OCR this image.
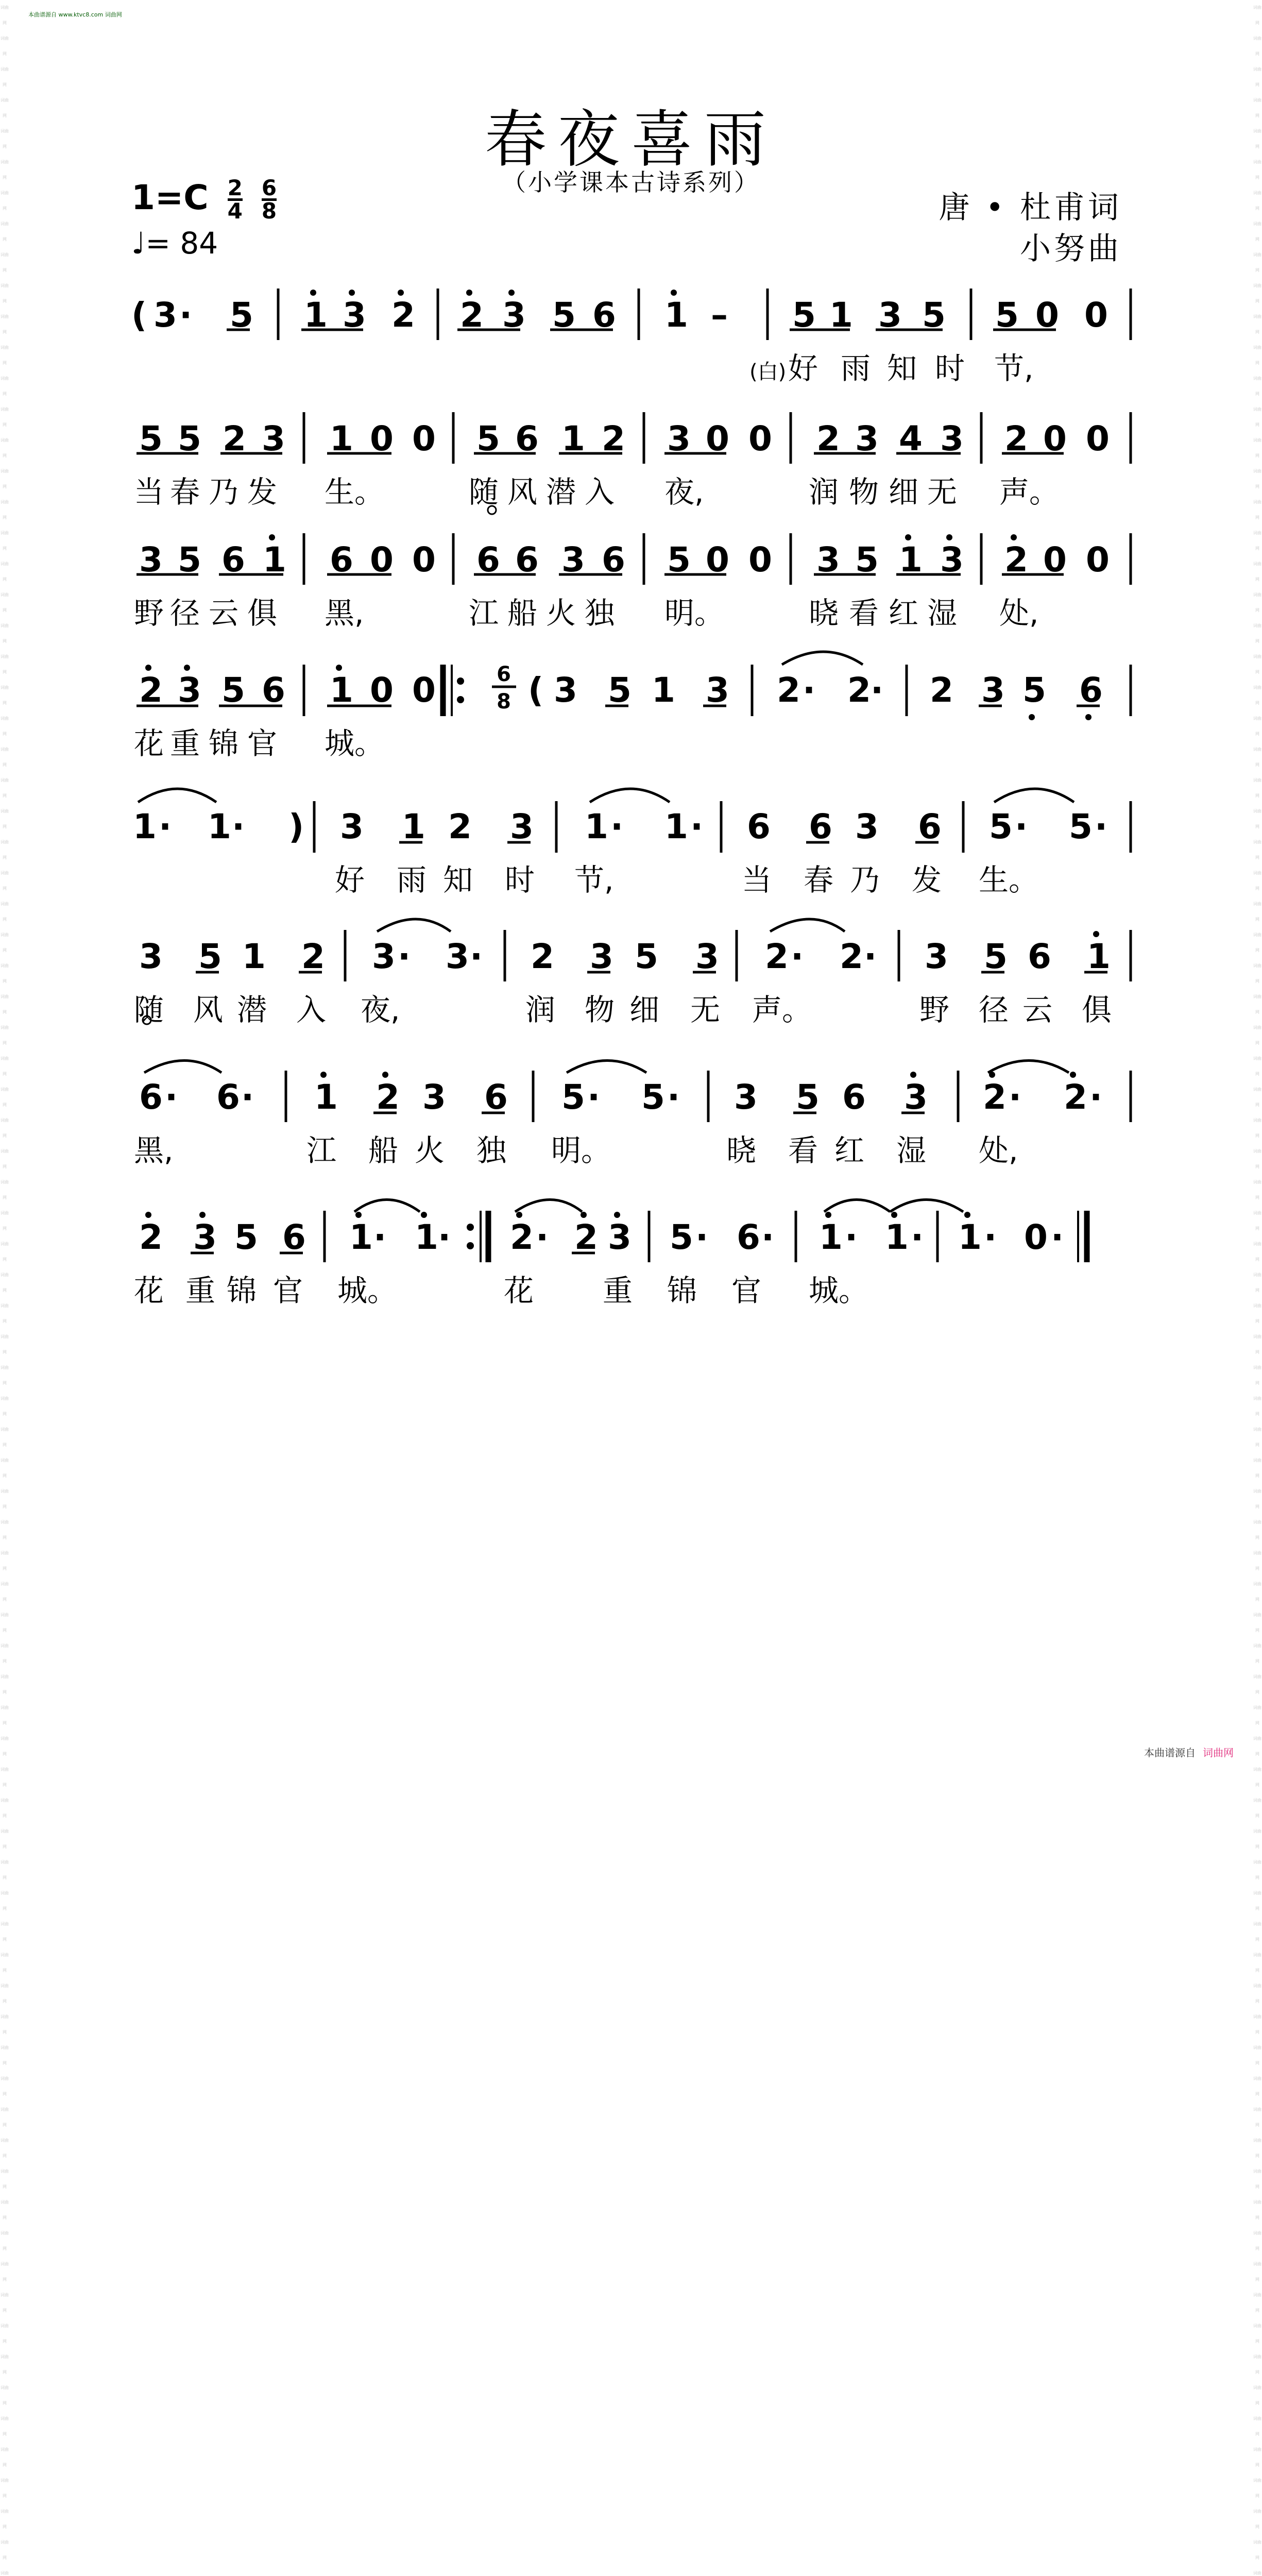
词曲网
词曲网
词曲网
词曲网
词曲网
词曲网
词曲网
词曲网
词曲网
词曲网
词曲网
词曲网
词曲网
词曲网
词曲网
词曲网
词曲网
词曲网
词曲网
词曲网
词曲网
词曲网
词曲网
词曲网
词曲网
词曲网
词曲网
词曲网
词曲网
词曲网
词曲网
词曲网
词曲网
词曲网
词曲网
词曲网
词曲网
词曲网
词曲网
词曲网
词曲网
词曲网
词曲网
词曲网
词曲网
词曲网
词曲网
词曲网
词曲网
词曲网
词曲网
词曲网
词曲网
词曲网
词曲网
词曲网
词曲网
词曲网
词曲网
词曲网
词曲网
词曲网
词曲网
词曲网
词曲网
词曲网
词曲网
词曲网
词曲网
词曲网
词曲网
词曲网
词曲网
词曲网
词曲网
词曲网
词曲网
词曲网
词曲网
词曲网
词曲网
词曲网
词曲网
词曲
词曲网
词曲网
词曲网
词曲网
词曲网
词曲网
词曲网
词曲网
词曲网
词曲网
词曲网
词曲网
词曲网
词曲网
词曲网
词曲网
词曲网
词曲网
词曲网
词曲网
词曲网
词曲网
词曲网
词曲网
词曲网
词曲网
词曲网
词曲网
词曲网
词曲网
词曲网
词曲网
词曲网
词曲网
词曲网
词曲网
词曲网
词曲网
词曲网
词曲网
词曲网
词曲网
词曲网
词曲网
词曲网
词曲网
词曲网
词曲网
词曲网
词曲网
词曲网
词曲网
词曲网
词曲网
词曲网
词曲网
词曲网
词曲网
词曲网
词曲网
词曲网
词曲网
词曲网
词曲网
词曲网
词曲网
词曲网
词曲网
词曲网
词曲网
词曲网
词曲网
词曲网
词曲网
词曲网
词曲网
词曲网
词曲网
词曲网
词曲网
词曲网
词曲网
词曲网
词曲
本曲谱源自 www.ktvc8.com 词曲网
春夜喜雨
（小学课本古诗系列）
$1=C \frac{2}{4} \frac{6}{8}$
♩= 84
唐 • 杜甫词
小努曲
6
8
( 3 · 5 1 3 2 2 3 5 6 1 – 5 1 3 5 5 0 0
5 5 2 3 1 0 0 5 6 1 2 3 0 0 2 3 4 3 2 0 0
3 5 6 1 6 0 0 6 6 3 6 5 0 0 3 5 1 3 2 0 0
2 3 5 6 1 0 0	( 3 5 1 3 2 · 2 · 2 3 5 6
1 · 1 · ) 3 1 2 3 1 · 1 · 6 6 3 6 5 · 5 ·
3 5 1 2 3 · 3 · 2 3 5 3 2 · 2 · 3 5 6 1
6 · 6 · 1 2 3 6 5 · 5 · 3 5 6 3 2 · 2 ·
2 3 5 6 1 · 1 · 2 · 2 3 5 · 6 · 1 · 1 · 1 · 0 ·
(白) 好 雨 知 时 节,
当 春 乃 发 生。	随 风 潜 入 夜,	润 物 细 无 声。
野 径 云 俱 黑,	江 船 火 独 明。	晓 看 红 湿 处,
花 重 锦 官 城。
好 雨 知 时 节,	当 春 乃 发 生。
随 风 潜 入 夜,	润 物 细 无 声。	野 径 云 俱
黑,	江 船 火 独 明。	晓 看 红 湿 处,
花 重 锦 官 城。	花 重 锦 官 城。
本曲谱源自 词曲网
